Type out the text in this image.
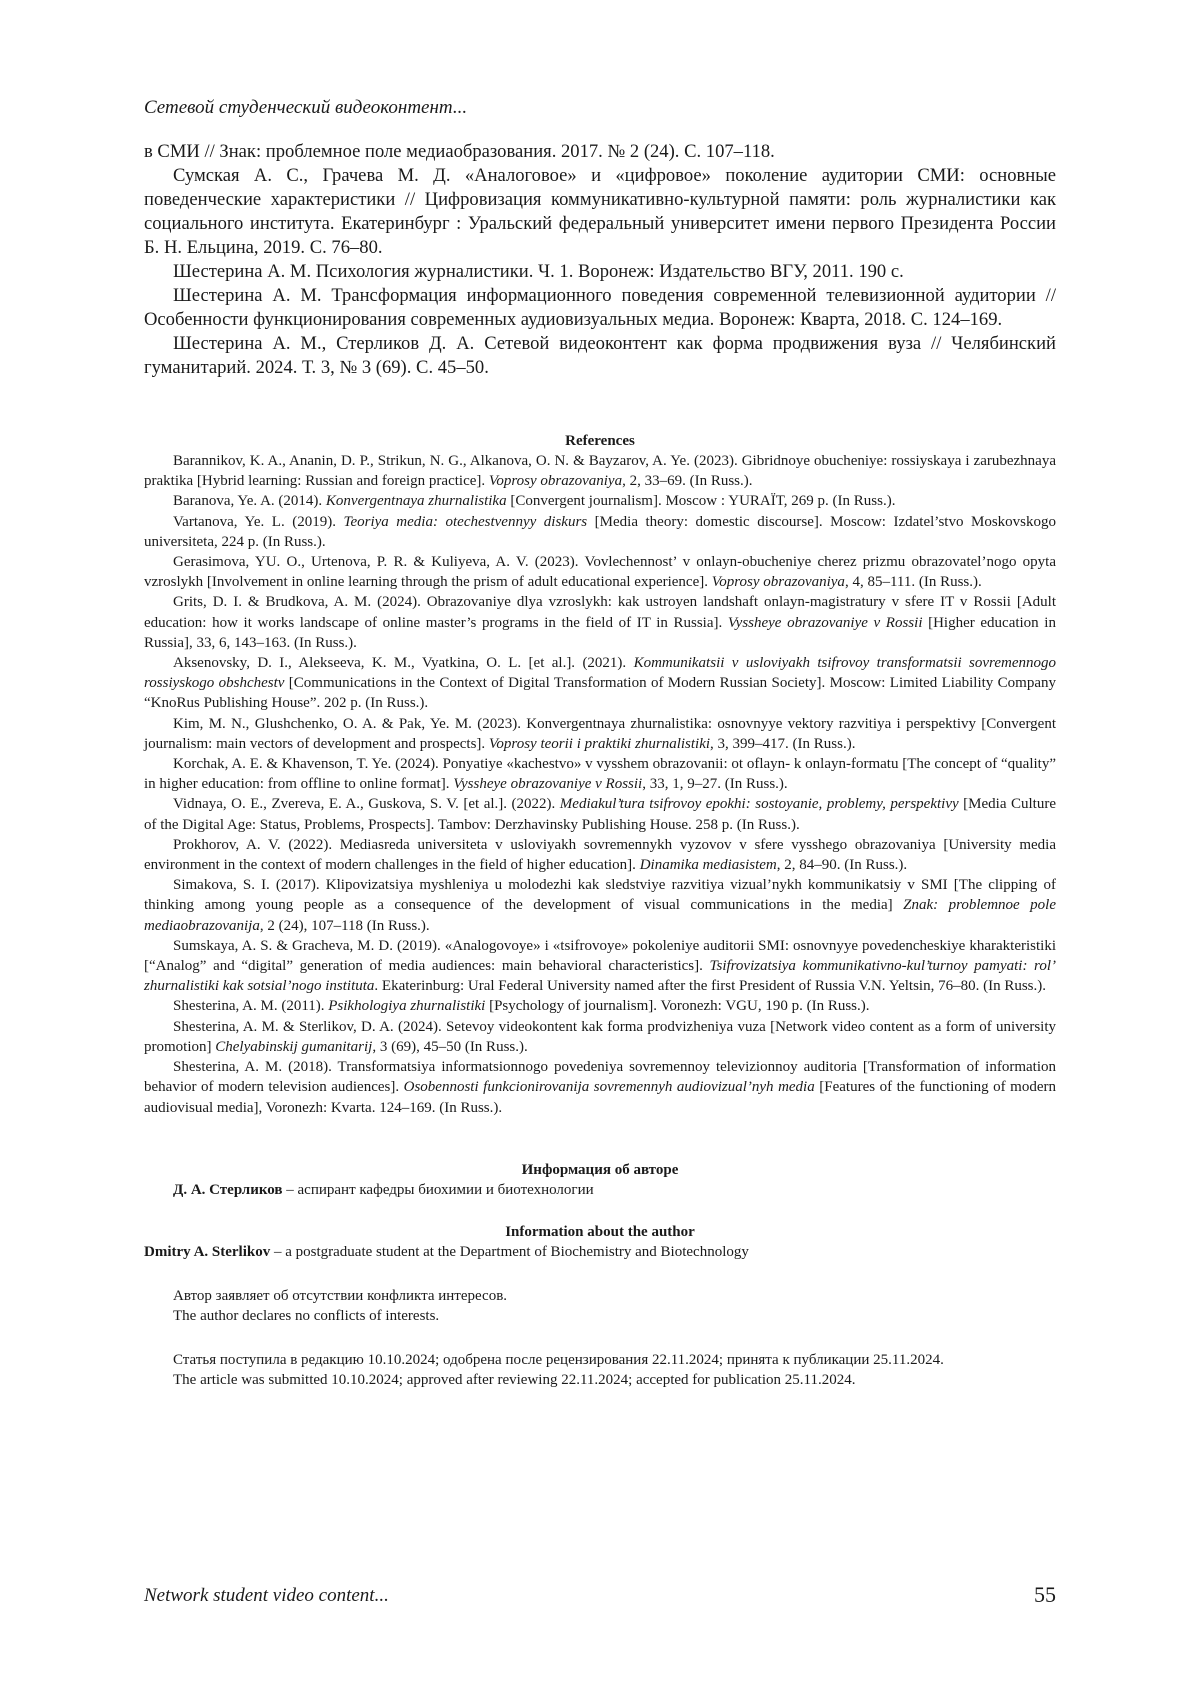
Сетевой студенческий видеоконтент...

в СМИ // Знак: проблемное поле медиаобразования. 2017. № 2 (24). С. 107–118.

Сумская А. С., Грачева М. Д. «Аналоговое» и «цифровое» поколение аудитории СМИ: основные поведенческие характеристики // Цифровизация коммуникативно-культурной памяти: роль журналистики как социального института. Екатеринбург : Уральский федеральный университет имени первого Президента России Б. Н. Ельцина, 2019. С. 76–80.

Шестерина А. М. Психология журналистики. Ч. 1. Воронеж: Издательство ВГУ, 2011. 190 с.

Шестерина А. М. Трансформация информационного поведения современной телевизионной аудитории // Особенности функционирования современных аудиовизуальных медиа. Воронеж: Кварта, 2018. С. 124–169.

Шестерина А. М., Стерликов Д. А. Сетевой видеоконтент как форма продвижения вуза // Челябинский гуманитарий. 2024. Т. 3, № 3 (69). С. 45–50.

References

Barannikov, K. A., Ananin, D. P., Strikun, N. G., Alkanova, O. N. & Bayzarov, A. Ye. (2023). Gibridnoye obucheniye: rossiyskaya i zarubezhnaya praktika [Hybrid learning: Russian and foreign practice]. Voprosy obrazovaniya, 2, 33–69. (In Russ.).

Baranova, Ye. A. (2014). Konvergentnaya zhurnalistika [Convergent journalism]. Moscow : YURAЇT, 269 p. (In Russ.).

Vartanova, Ye. L. (2019). Teoriya media: otechestvennyy diskurs [Media theory: domestic discourse]. Moscow: Izdatel’stvo Moskovskogo universiteta, 224 p. (In Russ.).

Gerasimova, YU. O., Urtenova, P. R. & Kuliyeva, A. V. (2023). Vovlechennost’ v onlayn-obucheniye cherez prizmu obrazovatel’nogo opyta vzroslykh [Involvement in online learning through the prism of adult educational experience]. Voprosy obrazovaniya, 4, 85–111. (In Russ.).

Grits, D. I. & Brudkova, A. M. (2024). Obrazovaniye dlya vzroslykh: kak ustroyen landshaft onlayn-magistratury v sfere IT v Rossii [Adult education: how it works landscape of online master’s programs in the field of IT in Russia]. Vyssheye obrazovaniye v Rossii [Higher education in Russia], 33, 6, 143–163. (In Russ.).

Aksenovsky, D. I., Alekseeva, K. M., Vyatkina, O. L. [et al.]. (2021). Kommunikatsii v usloviyakh tsifrovoy transformatsii sovremennogo rossiyskogo obshchestv [Communications in the Context of Digital Transformation of Modern Russian Society]. Moscow: Limited Liability Company “KnoRus Publishing House”. 202 p. (In Russ.).

Kim, M. N., Glushchenko, O. A. & Pak, Ye. M. (2023). Konvergentnaya zhurnalistika: osnovnyye vektory razvitiya i perspektivy [Convergent journalism: main vectors of development and prospects]. Voprosy teorii i praktiki zhurnalistiki, 3, 399–417. (In Russ.).

Korchak, A. E. & Khavenson, T. Ye. (2024). Ponyatiye «kachestvo» v vysshem obrazovanii: ot oflayn- k onlayn-formatu [The concept of “quality” in higher education: from offline to online format]. Vyssheye obrazovaniye v Rossii, 33, 1, 9–27. (In Russ.).

Vidnaya, O. E., Zvereva, E. A., Guskova, S. V. [et al.]. (2022). Mediakul’tura tsifrovoy epokhi: sostoyanie, problemy, perspektivy [Media Culture of the Digital Age: Status, Problems, Prospects]. Tambov: Derzhavinsky Publishing House. 258 p. (In Russ.).

Prokhorov, A. V. (2022). Mediasreda universiteta v usloviyakh sovremennykh vyzovov v sfere vysshego obrazovaniya [University media environment in the context of modern challenges in the field of higher education]. Dinamika mediasistem, 2, 84–90. (In Russ.).

Simakova, S. I. (2017). Klipovizatsiya myshleniya u molodezhi kak sledstviye razvitiya vizual’nykh kommunikatsiy v SMI [The clipping of thinking among young people as a consequence of the development of visual communications in the media] Znak: problemnoe pole mediaobrazovanija, 2 (24), 107–118 (In Russ.).

Sumskaya, A. S. & Gracheva, M. D. (2019). «Analogovoye» i «tsifrovoye» pokoleniye auditorii SMI: osnovnyye povedencheskiye kharakteristiki [“Analog” and “digital” generation of media audiences: main behavioral characteristics]. Tsifrovizatsiya kommunikativno-kul’turnoy pamyati: rol’ zhurnalistiki kak sotsial’nogo instituta. Ekaterinburg: Ural Federal University named after the first President of Russia V.N. Yeltsin, 76–80. (In Russ.).

Shesterina, A. M. (2011). Psikhologiya zhurnalistiki [Psychology of journalism]. Voronezh: VGU, 190 p. (In Russ.).

Shesterina, A. M. & Sterlikov, D. A. (2024). Setevoy videokontent kak forma prodvizheniya vuza [Network video content as a form of university promotion] Chelyabinskij gumanitarij, 3 (69), 45–50 (In Russ.).

Shesterina, A. M. (2018). Transformatsiya informatsionnogo povedeniya sovremennoy televizionnoy auditoria [Transformation of information behavior of modern television audiences]. Osobennosti funkcionirovanija sovremennyh audiovizual’nyh media [Features of the functioning of modern audiovisual media], Voronezh: Kvarta. 124–169. (In Russ.).

Информация об авторе

Д. А. Стерликов – аспирант кафедры биохимии и биотехнологии

Information about the author

Dmitry A. Sterlikov – a postgraduate student at the Department of Biochemistry and Biotechnology

Автор заявляет об отсутствии конфликта интересов.

The author declares no conflicts of interests.

Статья поступила в редакцию 10.10.2024; одобрена после рецензирования 22.11.2024; принята к публикации 25.11.2024.

The article was submitted 10.10.2024; approved after reviewing 22.11.2024; accepted for publication 25.11.2024.

Network student video content...	55
